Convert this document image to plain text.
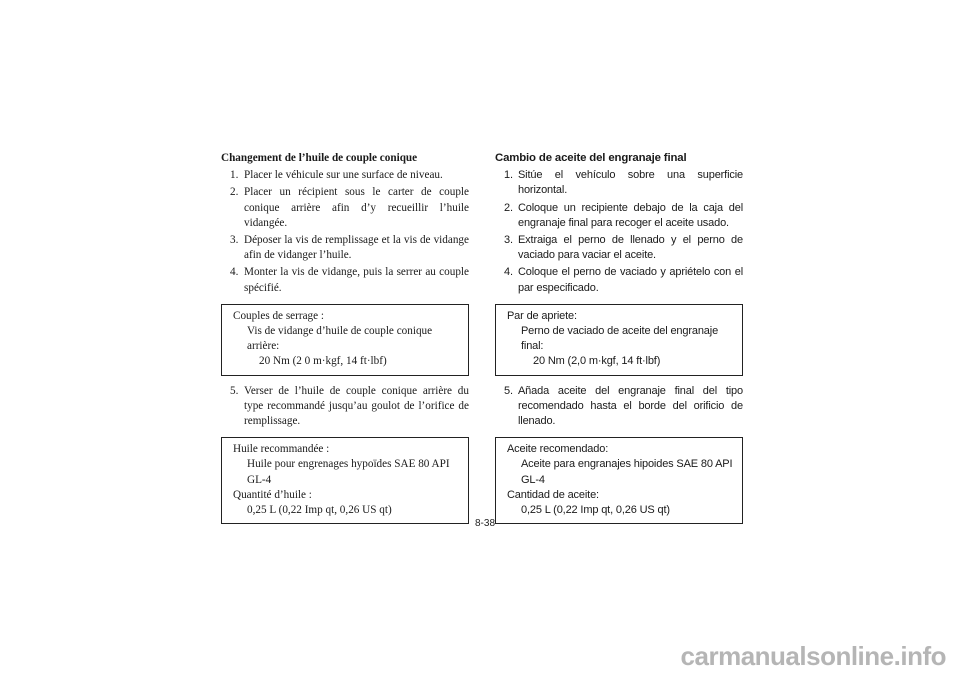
Changement de l’huile de couple conique

1. Placer le véhicule sur une surface de niveau.
2. Placer un récipient sous le carter de couple conique arrière afin d’y recueillir l’huile vidangée.
3. Déposer la vis de remplissage et la vis de vidange afin de vidanger l’huile.
4. Monter la vis de vidange, puis la serrer au couple spécifié.

Couples de serrage :

Vis de vidange d’huile de couple conique arrière:

20 Nm (2 0 m·kgf, 14 ft·lbf)

5. Verser de l’huile de couple conique arrière du type recommandé jusqu’au goulot de l’orifice de remplissage.

Huile recommandée :

Huile pour engrenages hypoïdes SAE 80 API

GL-4

Quantité d’huile :

0,25 L (0,22 Imp qt, 0,26 US qt)

Cambio de aceite del engranaje final

1. Sitúe el vehículo sobre una superficie horizontal.
2. Coloque un recipiente debajo de la caja del engranaje final para recoger el aceite usado.
3. Extraiga el perno de llenado y el perno de vaciado para vaciar el aceite.
4. Coloque el perno de vaciado y apriételo con el par especificado.

Par de apriete:

Perno de vaciado de aceite del engranaje final:

20 Nm (2,0 m·kgf, 14 ft·lbf)

5. Añada aceite del engranaje final del tipo recomendado hasta el borde del orificio de llenado.

Aceite recomendado:

Aceite para engranajes hipoides SAE 80 API

GL-4

Cantidad de aceite:

0,25 L (0,22 Imp qt, 0,26 US qt)

8-38
carmanualsonline.info
